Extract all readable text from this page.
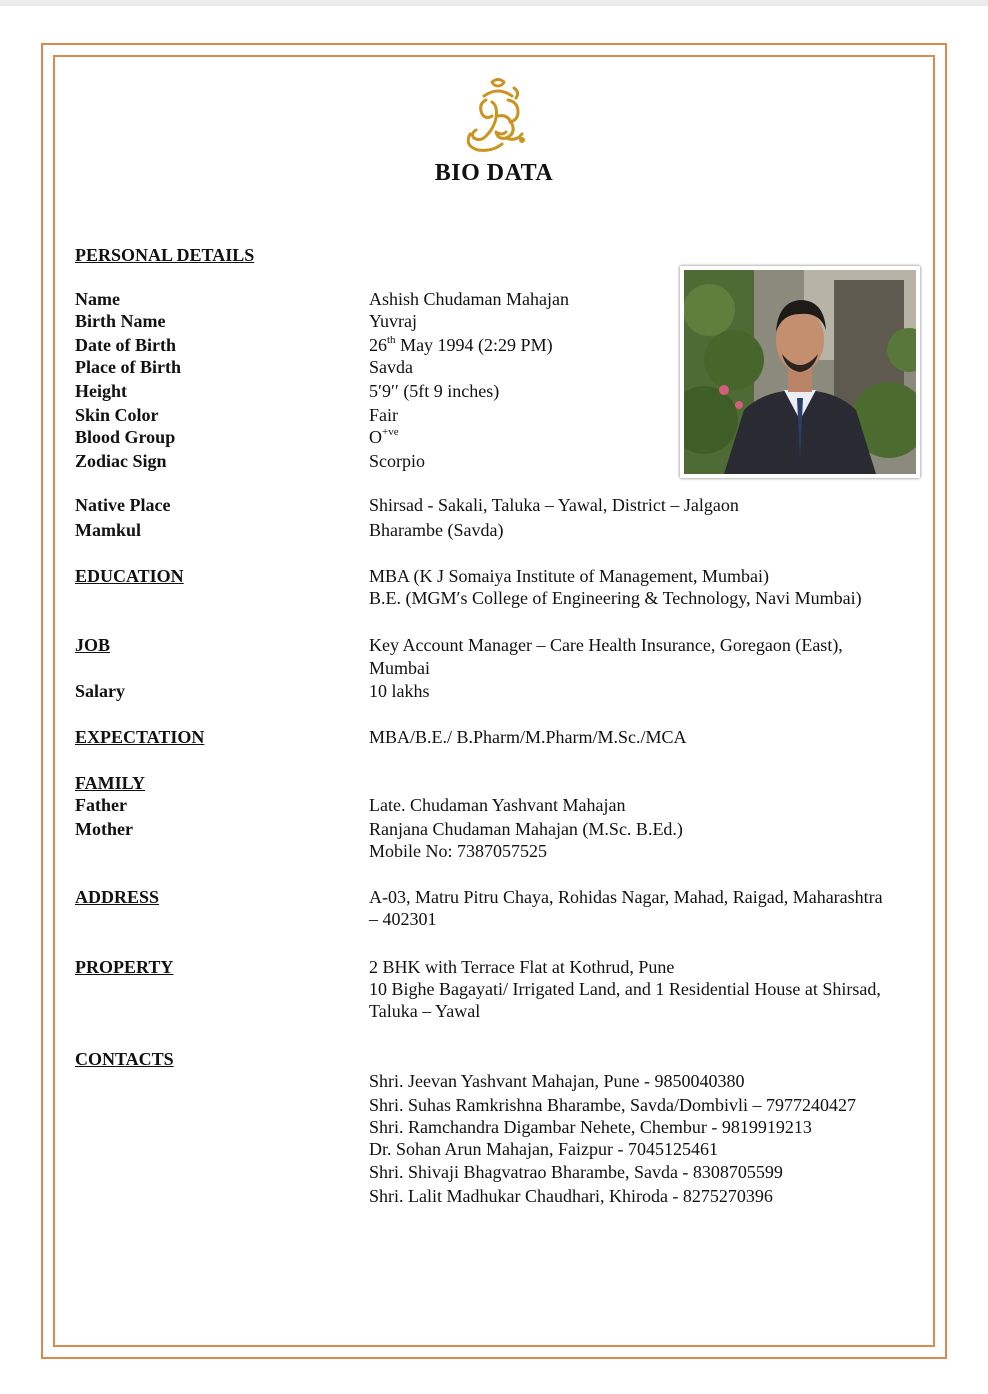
BIO DATA
PERSONAL DETAILS
Name	Ashish Chudaman Mahajan
Birth Name	Yuvraj
Date of Birth	26th May 1994 (2:29 PM)
Place of Birth	Savda
Height	5′9′′ (5ft 9 inches)
Skin Color	Fair
Blood Group	$O^{+ve}$
Zodiac Sign	Scorpio
Native Place	Shirsad - Sakali, Taluka – Yawal, District – Jalgaon
Mamkul	Bharambe (Savda)
EDUCATION	MBA (K J Somaiya Institute of Management, Mumbai)
B.E. (MGM′s College of Engineering & Technology, Navi Mumbai)
JOB	Key Account Manager – Care Health Insurance, Goregaon (East),
Mumbai
Salary	10 lakhs
EXPECTATION	MBA/B.E./ B.Pharm/M.Pharm/M.Sc./MCA
FAMILY
Father	Late. Chudaman Yashvant Mahajan
Mother	Ranjana Chudaman Mahajan (M.Sc. B.Ed.)
Mobile No: 7387057525
ADDRESS	A-03, Matru Pitru Chaya, Rohidas Nagar, Mahad, Raigad, Maharashtra
– 402301
PROPERTY	2 BHK with Terrace Flat at Kothrud, Pune
10 Bighe Bagayati/ Irrigated Land, and 1 Residential House at Shirsad,
Taluka – Yawal
CONTACTS
Shri. Jeevan Yashvant Mahajan, Pune - 9850040380
Shri. Suhas Ramkrishna Bharambe, Savda/Dombivli – 7977240427
Shri. Ramchandra Digambar Nehete, Chembur - 9819919213
Dr. Sohan Arun Mahajan, Faizpur - 7045125461
Shri. Shivaji Bhagvatrao Bharambe, Savda - 8308705599
Shri. Lalit Madhukar Chaudhari, Khiroda - 8275270396
